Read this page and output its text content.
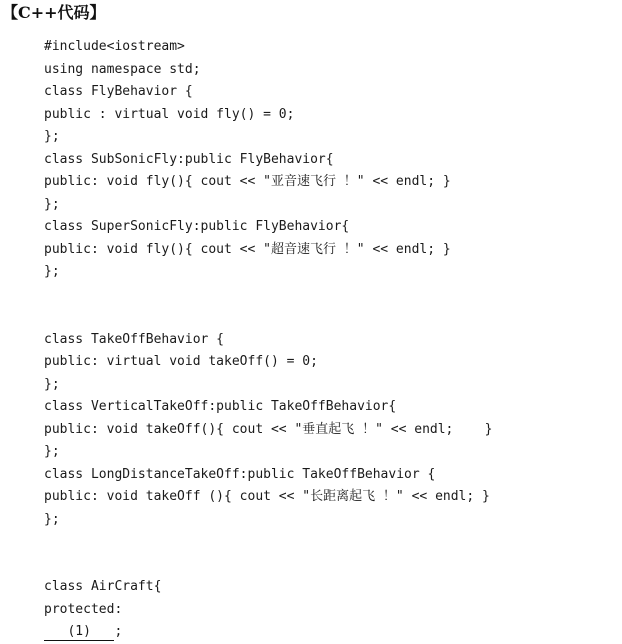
【C++代码】
#include<iostream>
using namespace std;
class FlyBehavior {
public : virtual void fly() = 0;
};
class SubSonicFly:public FlyBehavior{
public: void fly(){ cout << "亚音速飞行 ！" << endl; }
};
class SuperSonicFly:public FlyBehavior{
public: void fly(){ cout << "超音速飞行 ！" << endl; }
};
class TakeOffBehavior {
public: virtual void takeOff() = 0;
};
class VerticalTakeOff:public TakeOffBehavior{
public: void takeOff(){ cout << "垂直起飞 ！" << endl;    }
};
class LongDistanceTakeOff:public TakeOffBehavior {
public: void takeOff (){ cout << "长距离起飞 ！" << endl; }
};
class AirCraft{
protected:
(1) ;
